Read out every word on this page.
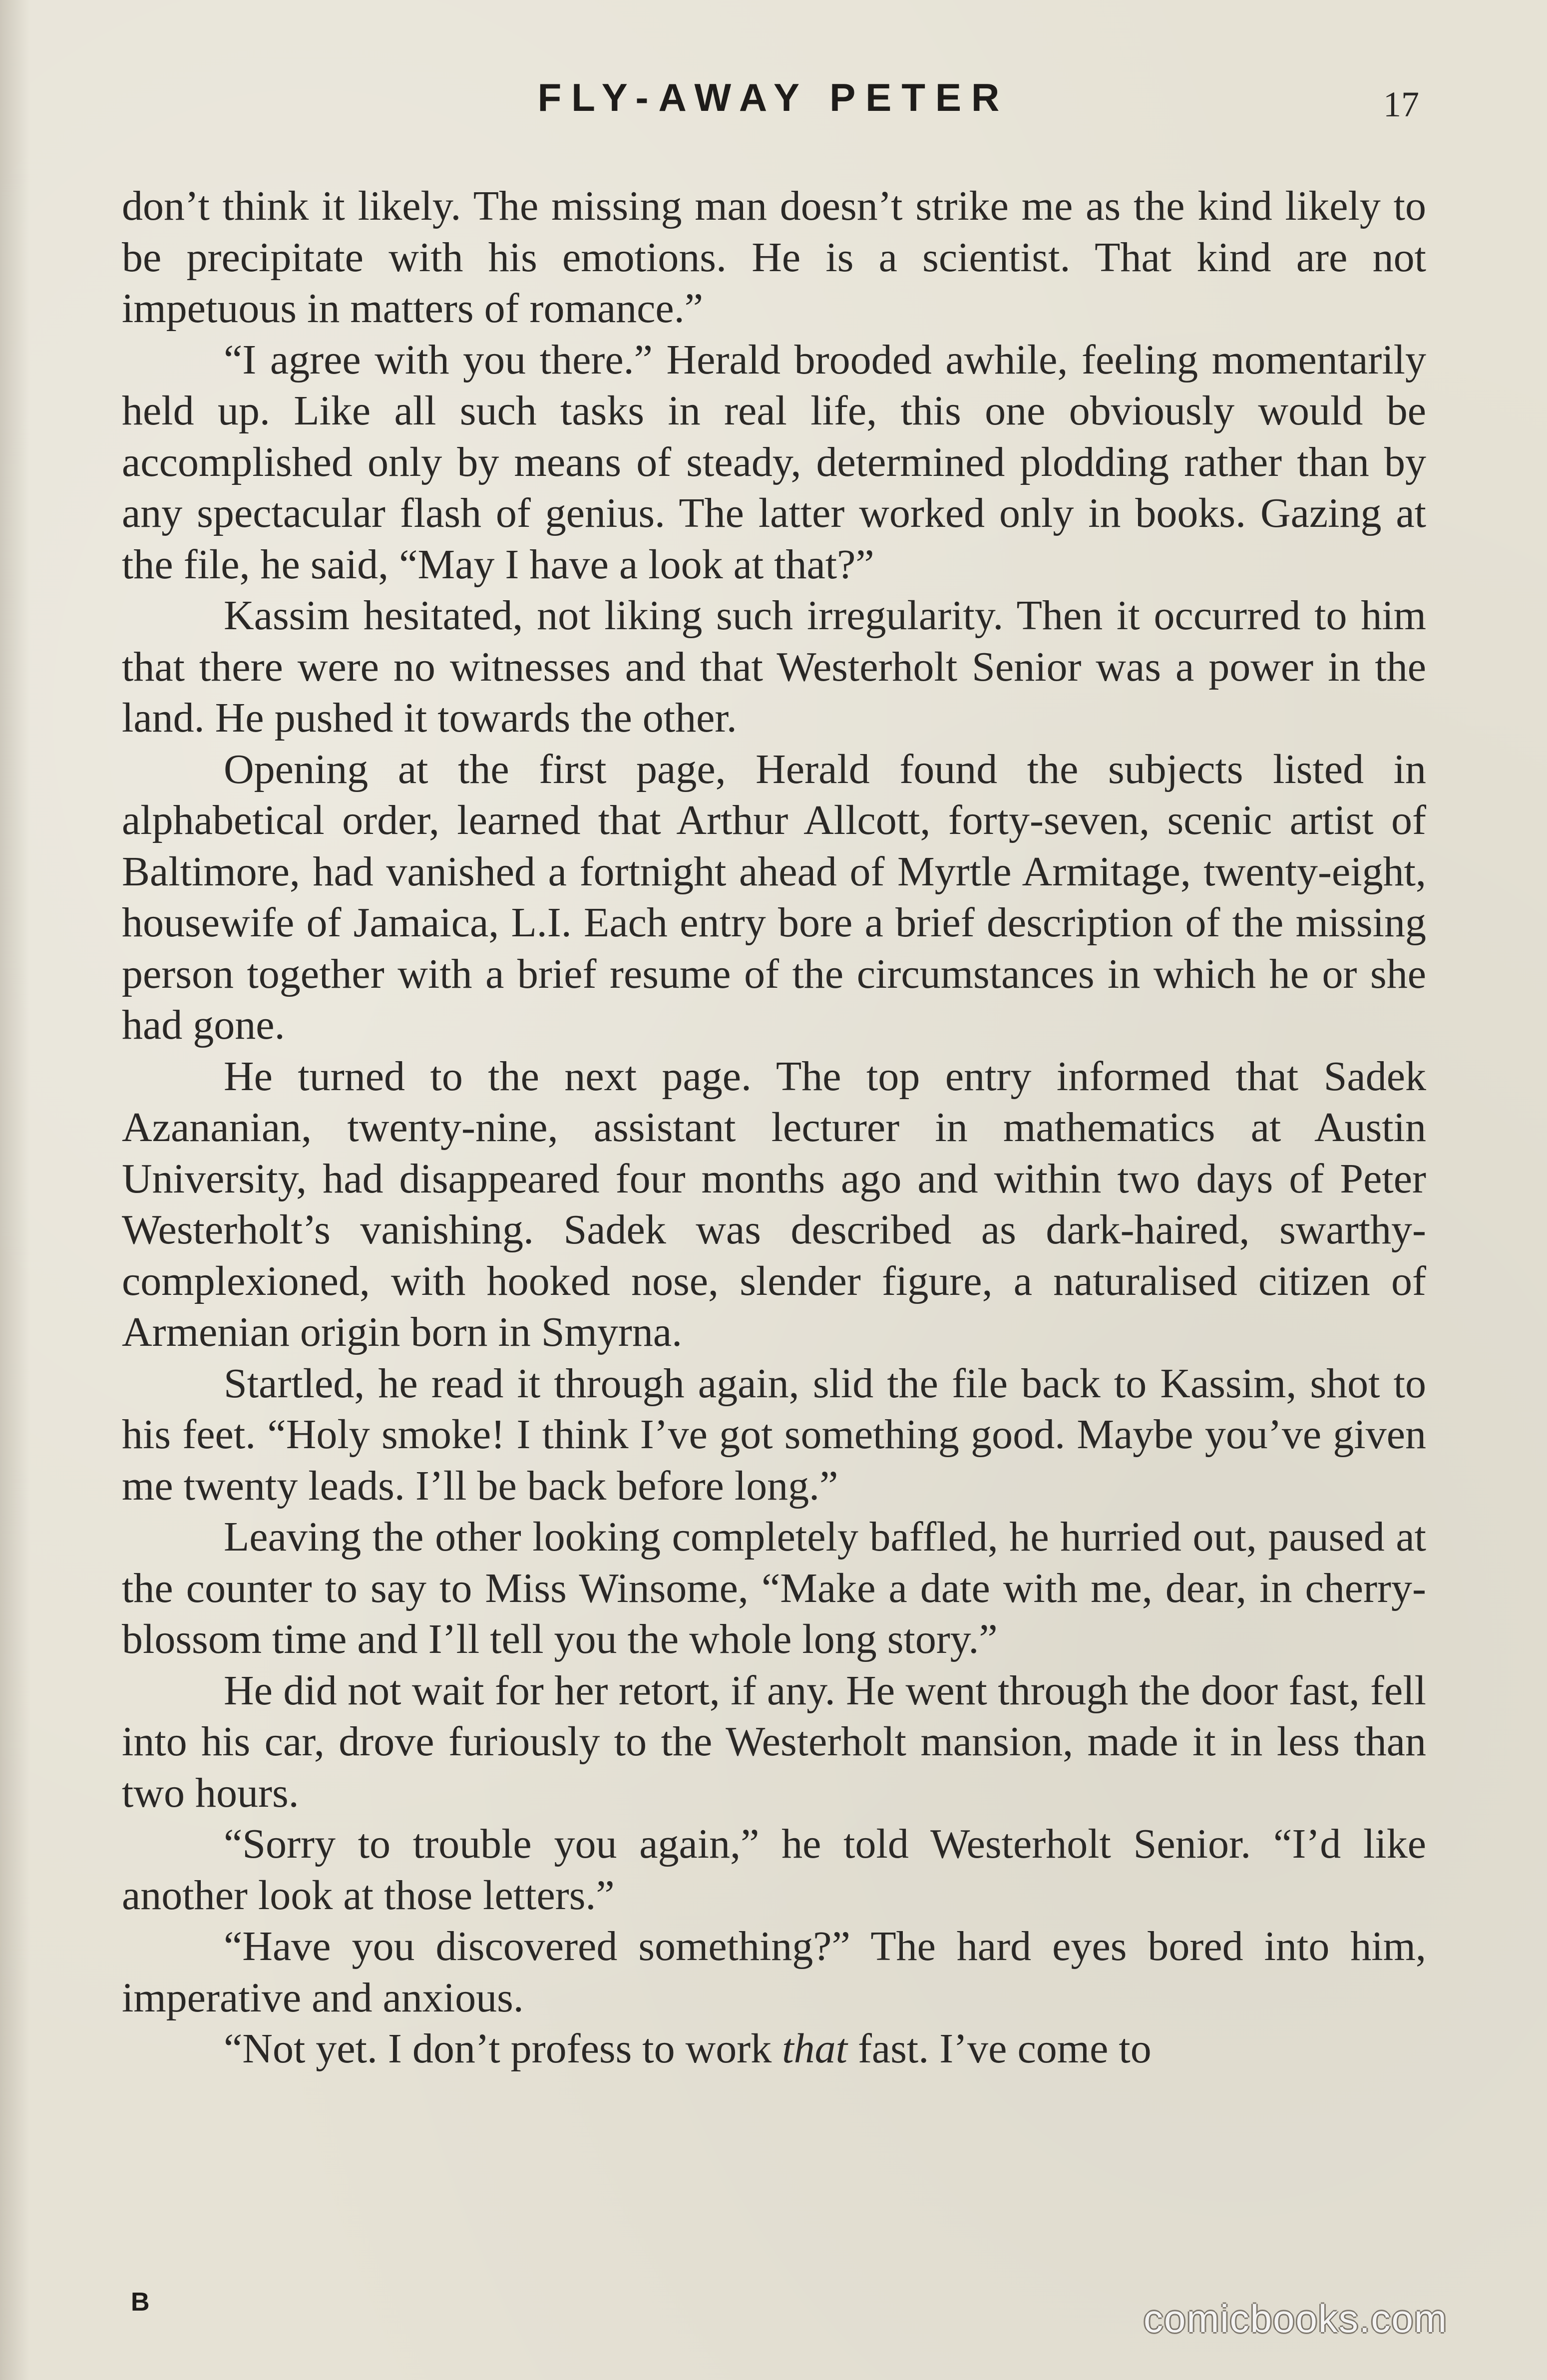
FLY-AWAY PETER	17

don’t think it likely. The missing man doesn’t strike me as the kind likely to be precipitate with his emotions. He is a scientist. That kind are not impetuous in matters of romance.”

“I agree with you there.” Herald brooded awhile, feeling momentarily held up. Like all such tasks in real life, this one obviously would be accomplished only by means of steady, determined plodding rather than by any spectacular flash of genius. The latter worked only in books. Gazing at the file, he said, “May I have a look at that?”

Kassim hesitated, not liking such irregularity. Then it occurred to him that there were no witnesses and that Westerholt Senior was a power in the land. He pushed it towards the other.

Opening at the first page, Herald found the subjects listed in alphabetical order, learned that Arthur Allcott, forty-seven, scenic artist of Baltimore, had vanished a fortnight ahead of Myrtle Armitage, twenty-eight, housewife of Jamaica, L.I. Each entry bore a brief description of the missing person together with a brief resume of the circumstances in which he or she had gone.

He turned to the next page. The top entry informed that Sadek Azananian, twenty-nine, assistant lecturer in mathematics at Austin University, had disappeared four months ago and within two days of Peter Westerholt’s vanishing. Sadek was described as dark-haired, swarthy-complexioned, with hooked nose, slender figure, a naturalised citizen of Armenian origin born in Smyrna.

Startled, he read it through again, slid the file back to Kassim, shot to his feet. “Holy smoke! I think I’ve got something good. Maybe you’ve given me twenty leads. I’ll be back before long.”

Leaving the other looking completely baffled, he hurried out, paused at the counter to say to Miss Winsome, “Make a date with me, dear, in cherry-blossom time and I’ll tell you the whole long story.”

He did not wait for her retort, if any. He went through the door fast, fell into his car, drove furiously to the Westerholt mansion, made it in less than two hours.

“Sorry to trouble you again,” he told Westerholt Senior. “I’d like another look at those letters.”

“Have you discovered something?” The hard eyes bored into him, imperative and anxious.

“Not yet. I don’t profess to work that fast. I’ve come to

B	comicbooks.com
